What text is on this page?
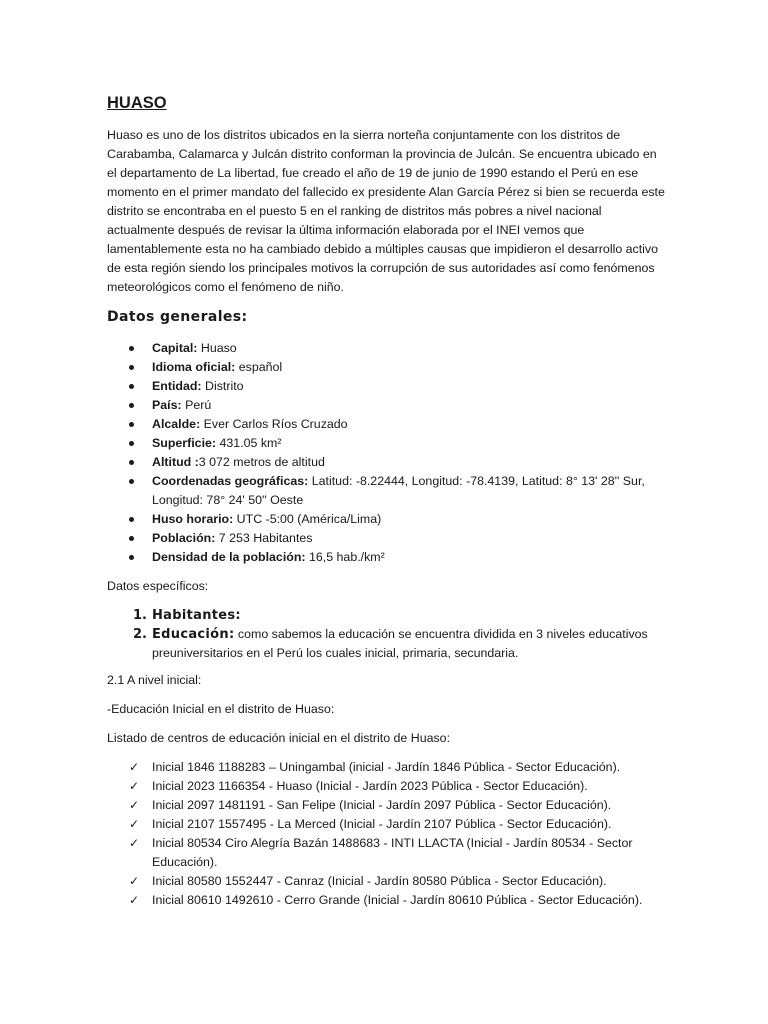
HUASO

Huaso es uno de los distritos ubicados en la sierra norteña conjuntamente con los distritos de Carabamba, Calamarca y Julcán distrito conforman la provincia de Julcán. Se encuentra ubicado en el departamento de La libertad, fue creado el año de 19 de junio de 1990 estando el Perú en ese momento en el primer mandato del fallecido ex presidente Alan García Pérez si bien se recuerda este distrito se encontraba en el puesto 5 en el ranking de distritos más pobres a nivel nacional actualmente después de revisar la última información elaborada por el INEI vemos que lamentablemente esta no ha cambiado debido a múltiples causas que impidieron el desarrollo activo de esta región siendo los principales motivos la corrupción de sus autoridades así como fenómenos meteorológicos como el fenómeno de niño.

Datos generales:
Capital: Huaso
Idioma oficial: español
Entidad: Distrito
País: Perú
Alcalde: Ever Carlos Ríos Cruzado
Superficie: 431.05 km²
Altitud :3 072 metros de altitud
Coordenadas geográficas: Latitud: -8.22444, Longitud: -78.4139, Latitud: 8° 13' 28'' Sur, Longitud: 78° 24' 50'' Oeste
Huso horario: UTC -5:00 (América/Lima)
Población: 7 253 Habitantes
Densidad de la población: 16,5 hab./km²

Datos específicos:

1. Habitantes:
2. Educación: como sabemos la educación se encuentra dividida en 3 niveles educativos preuniversitarios en el Perú los cuales inicial, primaria, secundaria.

2.1 A nivel inicial:

-Educación Inicial en el distrito de Huaso:

Listado de centros de educación inicial en el distrito de Huaso:

✓ Inicial 1846 1188283 – Uningambal (inicial - Jardín 1846 Pública - Sector Educación).
✓ Inicial 2023 1166354 - Huaso (Inicial - Jardín 2023 Pública - Sector Educación).
✓ Inicial 2097 1481191 - San Felipe (Inicial - Jardín 2097 Pública - Sector Educación).
✓ Inicial 2107 1557495 - La Merced (Inicial - Jardín 2107 Pública - Sector Educación).
✓ Inicial 80534 Ciro Alegría Bazán 1488683 - INTI LLACTA (Inicial - Jardín 80534 - Sector Educación).
✓ Inicial 80580 1552447 - Canraz (Inicial - Jardín 80580 Pública - Sector Educación).
✓ Inicial 80610 1492610 - Cerro Grande (Inicial - Jardín 80610 Pública - Sector Educación).
